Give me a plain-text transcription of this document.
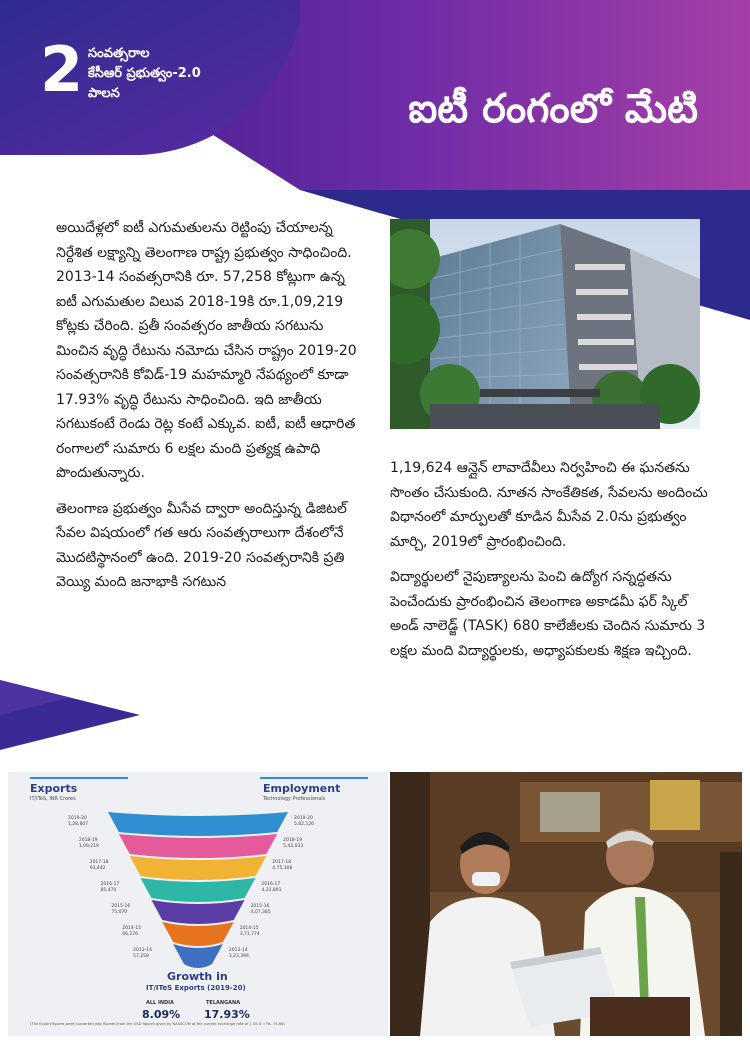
2 సంవత్సరాల
కేసీఆర్ ప్రభుత్వం-2.0
పాలన	ఐటీ రంగంలో మేటి

అయిదేళ్లలో ఐటీ ఎగుమతులను రెట్టింపు చేయాలన్న నిర్దేశిత లక్ష్యాన్ని తెలంగాణ రాష్ట్ర ప్రభుత్వం సాధించింది. 2013-14 సంవత్సరానికి రూ. 57,258 కోట్లుగా ఉన్న ఐటీ ఎగుమతుల విలువ 2018-19కి రూ.1,09,219 కోట్లకు చేరింది. ప్రతీ సంవత్సరం జాతీయ సగటును మించిన వృద్ధి రేటును నమోదు చేసిన రాష్ట్రం 2019-20 సంవత్సరానికి కోవిడ్-19 మహమ్మారి నేపథ్యంలో కూడా 17.93% వృద్ధి రేటును సాధించింది. ఇది జాతీయ సగటుకంటే రెండు రెట్ల కంటే ఎక్కువ. ఐటీ, ఐటీ ఆధారిత రంగాలలో సుమారు 6 లక్షల మంది ప్రత్యక్ష ఉపాధి పొందుతున్నారు.

తెలంగాణ ప్రభుత్వం మీసేవ ద్వారా అందిస్తున్న డిజిటల్ సేవల విషయంలో గత ఆరు సంవత్సరాలుగా దేశంలోనే మొదటిస్థానంలో ఉంది. 2019-20 సంవత్సరానికి ప్రతి వెయ్యి మంది జనాభాకి సగటున

1,19,624 ఆన్లైన్ లావాదేవీలు నిర్వహించి ఈ ఘనతను సొంతం చేసుకుంది. నూతన సాంకేతికత, సేవలను అందించు విధానంలో మార్పులతో కూడిన మీసేవ 2.0ను ప్రభుత్వం మార్చి, 2019లో ప్రారంభించింది.

విద్యార్థులలో నైపుణ్యాలను పెంచి ఉద్యోగ సన్నద్ధతను పెంచేందుకు ప్రారంభించిన తెలంగాణ అకాడమీ ఫర్ స్కిల్ అండ్ నాలెడ్జ్ (TASK) 680 కాలేజీలకు చెందిన సుమారు 3 లక్షల మంది విద్యార్థులకు, అధ్యాపకులకు శిక్షణ ఇచ్చింది.

Exports
IT/ITeS, INR Crores
Employment
Technology Professionals
2019-20
1,28,807
2019-20
5,82,126
2018-19
1,09,219
2018-19
5,43,033
2017-18
93,442
2017-18
4,75,308
2016-17
85,470
2016-17
4,31,891
2015-16
75,070
2015-16
4,07,385
2014-15
66,276
2014-15
3,71,774
2013-14
57,258
2013-14
3,23,396
Growth in
IT/ITeS Exports (2019-20)
ALL INDIA
8.09%
TELANGANA
17.93%
(The Export figures were converted into Rupees from the USD figures given by NASSCOM at the current exchange rate of 1 US $ = Rs. 75.68)
